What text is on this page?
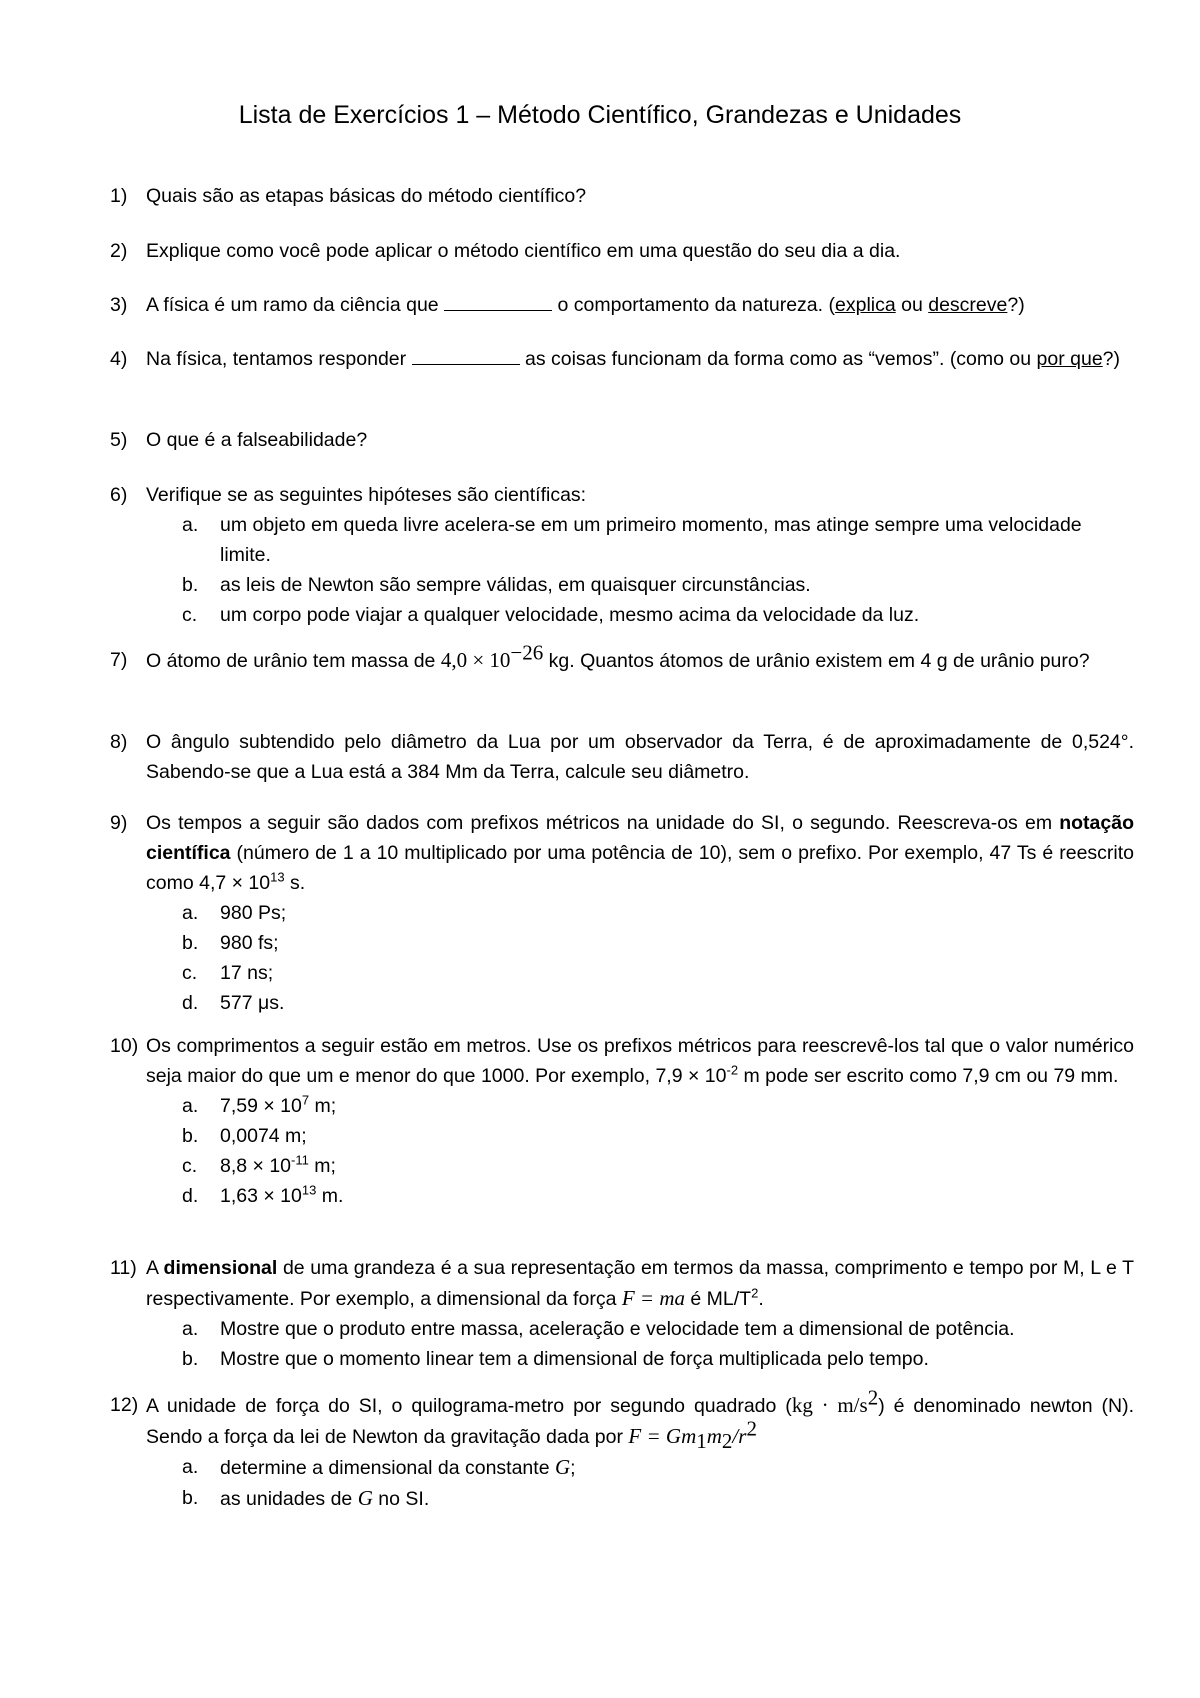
Lista de Exercícios 1 – Método Científico, Grandezas e Unidades
1) Quais são as etapas básicas do método científico?
2) Explique como você pode aplicar o método científico em uma questão do seu dia a dia.
3) A física é um ramo da ciência que	o comportamento da natureza. (explica ou descreve?)
4) Na física, tentamos responder	as coisas funcionam da forma como as “vemos”. (como ou por que?)
5) O que é a falseabilidade?
6) Verifique se as seguintes hipóteses são científicas:
a. um objeto em queda livre acelera-se em um primeiro momento, mas atinge sempre uma velocidade limite.
b. as leis de Newton são sempre válidas, em quaisquer circunstâncias.
c. um corpo pode viajar a qualquer velocidade, mesmo acima da velocidade da luz.
7) O átomo de urânio tem massa de $4,0 \times 10^{-26}$ kg. Quantos átomos de urânio existem em 4 g de urânio puro?
8) O ângulo subtendido pelo diâmetro da Lua por um observador da Terra, é de aproximadamente de 0,524°. Sabendo-se que a Lua está a 384 Mm da Terra, calcule seu diâmetro.
9) Os tempos a seguir são dados com prefixos métricos na unidade do SI, o segundo. Reescreva-os em notação científica (número de 1 a 10 multiplicado por uma potência de 10), sem o prefixo. Por exemplo, 47 Ts é reescrito como $4,7 \times 10^{13}$ s.
a. 980 Ps;
b. 980 fs;
c. 17 ns;
d. 577 μs.
10) Os comprimentos a seguir estão em metros. Use os prefixos métricos para reescrevê-los tal que o valor numérico seja maior do que um e menor do que 1000. Por exemplo, $7,9 \times 10^{-2}$ m pode ser escrito como 7,9 cm ou 79 mm.
a. $7,59 \times 10^7$ m;
b. 0,0074 m;
c. $8,8 \times 10^{-11}$ m;
d. $1,63 \times 10^{13}$ m.
11) A dimensional de uma grandeza é a sua representação em termos da massa, comprimento e tempo por M, L e T respectivamente. Por exemplo, a dimensional da força F = ma é $ML/T^2$.
a. Mostre que o produto entre massa, aceleração e velocidade tem a dimensional de potência.
b. Mostre que o momento linear tem a dimensional de força multiplicada pelo tempo.
12) A unidade de força do SI, o quilograma-metro por segundo quadrado $(kg \cdot m/s^2)$ é denominado newton (N). Sendo a força da lei de Newton da gravitação dada por $F = Gm_1m_2/r^2$
a. determine a dimensional da constante G;
b. as unidades de G no SI.
